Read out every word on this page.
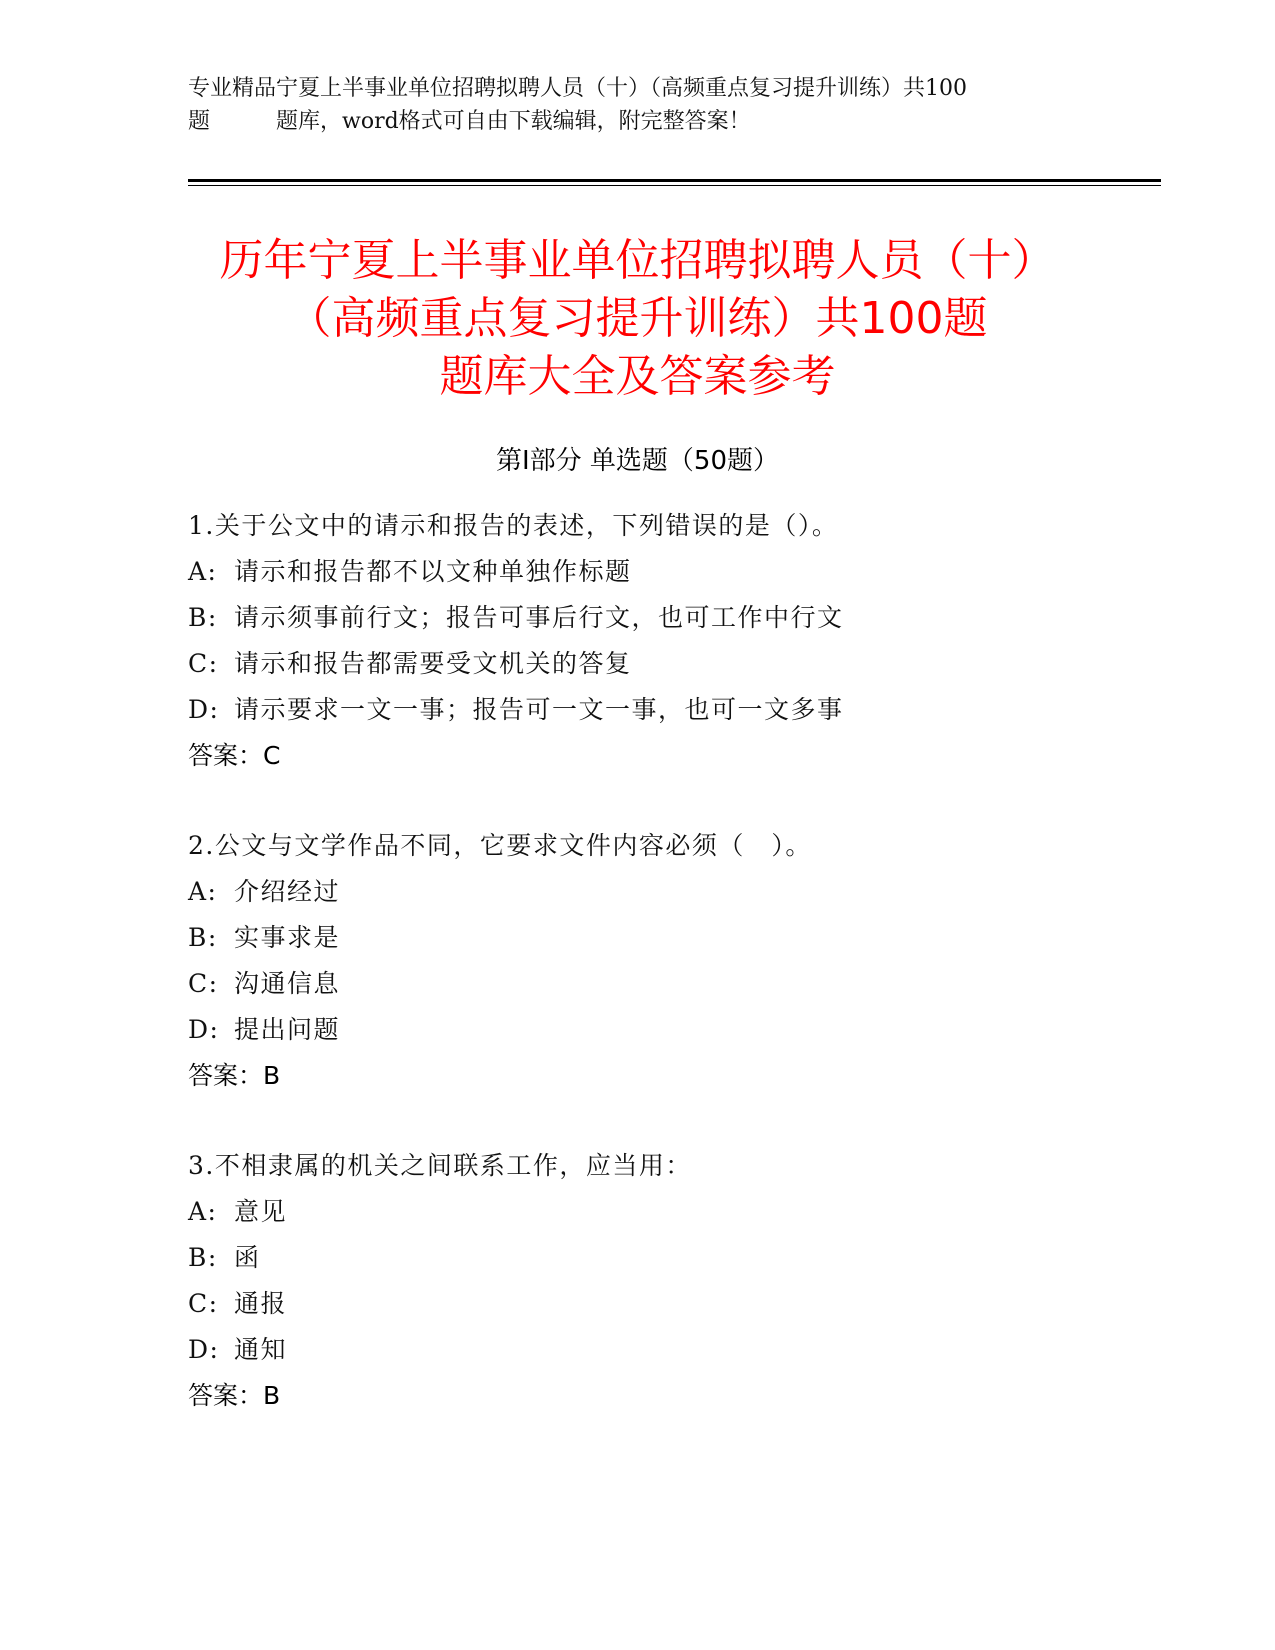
专业精品宁夏上半事业单位招聘拟聘人员（十）（高频重点复习提升训练）共100
题　　　题库，word格式可自由下载编辑，附完整答案！
历年宁夏上半事业单位招聘拟聘人员（十）
（高频重点复习提升训练）共100题
题库大全及答案参考
第Ⅰ部分 单选题（50题）
1.关于公文中的请示和报告的表述，下列错误的是（）。
A: 请示和报告都不以文种单独作标题
B: 请示须事前行文；报告可事后行文，也可工作中行文
C: 请示和报告都需要受文机关的答复
D: 请示要求一文一事；报告可一文一事，也可一文多事
答案：C
2.公文与文学作品不同，它要求文件内容必须（　）。
A: 介绍经过
B: 实事求是
C: 沟通信息
D: 提出问题
答案：B
3.不相隶属的机关之间联系工作，应当用：
A: 意见
B: 函
C: 通报
D: 通知
答案：B
